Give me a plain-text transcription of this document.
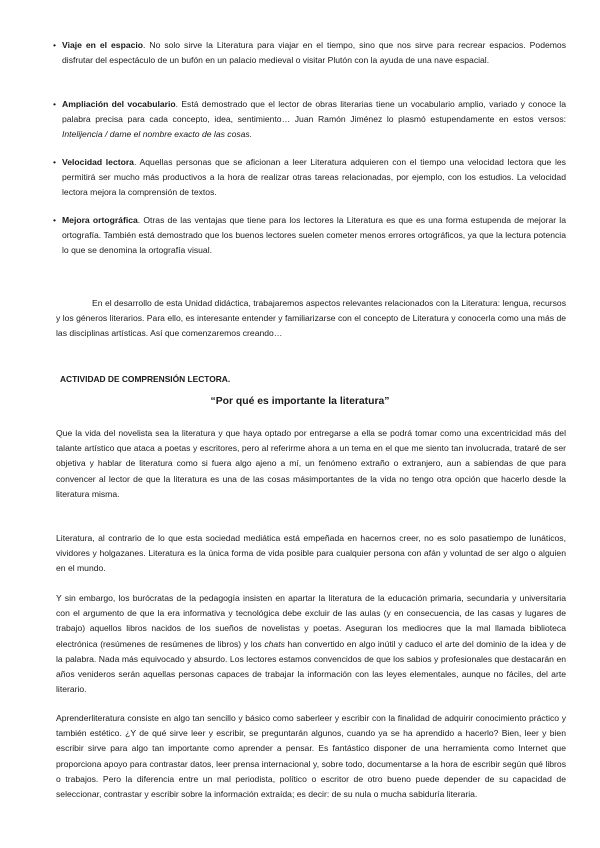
• Viaje en el espacio. No solo sirve la Literatura para viajar en el tiempo, sino que nos sirve para recrear espacios. Podemos disfrutar del espectáculo de un bufón en un palacio medieval o visitar Plutón con la ayuda de una nave espacial.
• Ampliación del vocabulario. Está demostrado que el lector de obras literarias tiene un vocabulario amplio, variado y conoce la palabra precisa para cada concepto, idea, sentimiento… Juan Ramón Jiménez lo plasmó estupendamente en estos versos: Intelijencia / dame el nombre exacto de las cosas.
• Velocidad lectora. Aquellas personas que se aficionan a leer Literatura adquieren con el tiempo una velocidad lectora que les permitirá ser mucho más productivos a la hora de realizar otras tareas relacionadas, por ejemplo, con los estudios. La velocidad lectora mejora la comprensión de textos.
• Mejora ortográfica. Otras de las ventajas que tiene para los lectores la Literatura es que es una forma estupenda de mejorar la ortografía. También está demostrado que los buenos lectores suelen cometer menos errores ortográficos, ya que la lectura potencia lo que se denomina la ortografía visual.
En el desarrollo de esta Unidad didáctica, trabajaremos aspectos relevantes relacionados con la Literatura: lengua, recursos y los géneros literarios. Para ello, es interesante entender y familiarizarse con el concepto de Literatura y conocerla como una más de las disciplinas artísticas. Así que comenzaremos creando…
ACTIVIDAD DE COMPRENSIÓN LECTORA.
“Por qué es importante la literatura”
Que la vida del novelista sea la literatura y que haya optado por entregarse a ella se podrá tomar como una excentricidad más del talante artístico que ataca a poetas y escritores, pero al referirme ahora a un tema en el que me siento tan involucrada, trataré de ser objetiva y hablar de literatura como si fuera algo ajeno a mí, un fenómeno extraño o extranjero, aun a sabiendas de que para convencer al lector de que la literatura es una de las cosas másimportantes de la vida no tengo otra opción que hacerlo desde la literatura misma.
Literatura, al contrario de lo que esta sociedad mediática está empeñada en hacernos creer, no es solo pasatiempo de lunáticos, vividores y holgazanes. Literatura es la única forma de vida posible para cualquier persona con afán y voluntad de ser algo o alguien en el mundo.
Y sin embargo, los burócratas de la pedagogía insisten en apartar la literatura de la educación primaria, secundaria y universitaria con el argumento de que la era informativa y tecnológica debe excluir de las aulas (y en consecuencia, de las casas y lugares de trabajo) aquellos libros nacidos de los sueños de novelistas y poetas. Aseguran los mediocres que la mal llamada biblioteca electrónica (resúmenes de resúmenes de libros) y los chats han convertido en algo inútil y caduco el arte del dominio de la idea y de la palabra. Nada más equivocado y absurdo. Los lectores estamos convencidos de que los sabios y profesionales que destacarán en años venideros serán aquellas personas capaces de trabajar la información con las leyes elementales, aunque no fáciles, del arte literario.
Aprenderliteratura consiste en algo tan sencillo y básico como saberleer y escribir con la finalidad de adquirir conocimiento práctico y también estético. ¿Y de qué sirve leer y escribir, se preguntarán algunos, cuando ya se ha aprendido a hacerlo? Bien, leer y bien escribir sirve para algo tan importante como aprender a pensar. Es fantástico disponer de una herramienta como Internet que proporciona apoyo para contrastar datos, leer prensa internacional y, sobre todo, documentarse a la hora de escribir según qué libros o trabajos. Pero la diferencia entre un mal periodista, político o escritor de otro bueno puede depender de su capacidad de seleccionar, contrastar y escribir sobre la información extraída; es decir: de su nula o mucha sabiduría literaria.
